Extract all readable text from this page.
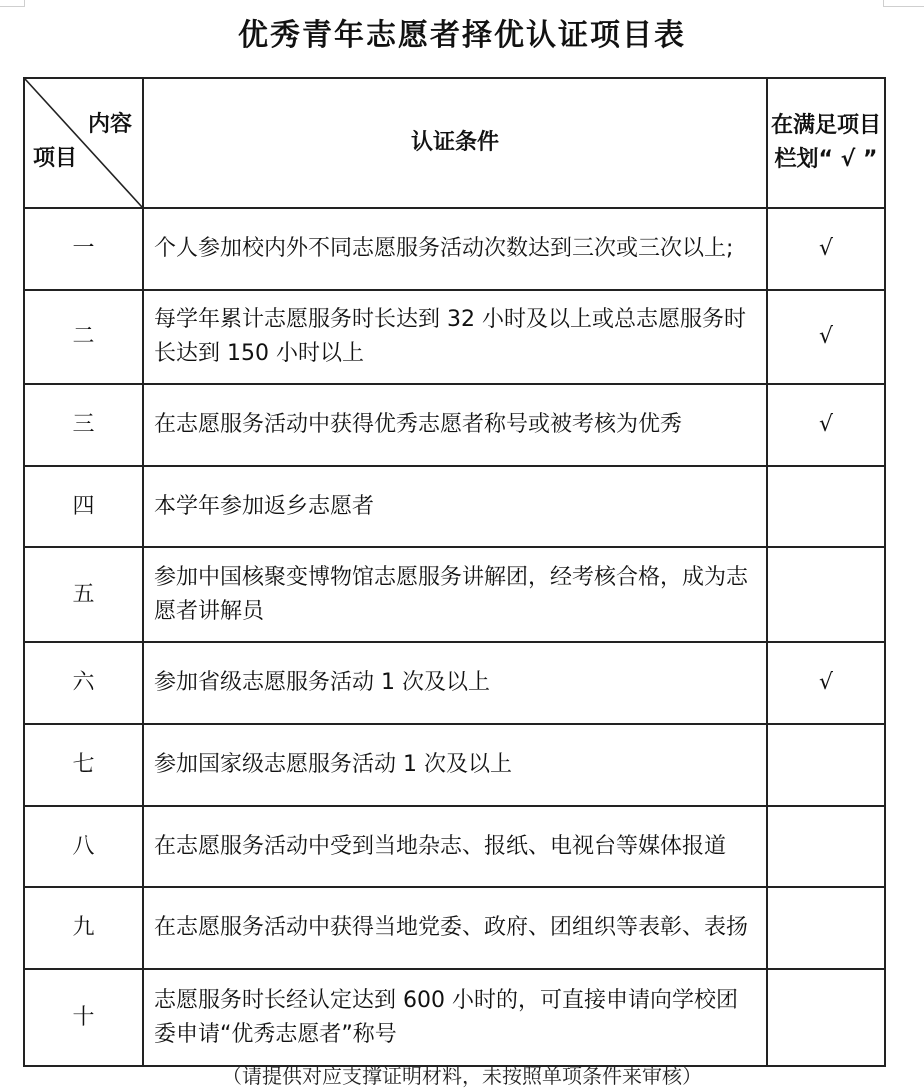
优秀青年志愿者择优认证项目表
内容
项目	认证条件	在满足项目栏划“ √ ”
一	个人参加校内外不同志愿服务活动次数达到三次或三次以上;	√
二	每学年累计志愿服务时长达到 32 小时及以上或总志愿服务时长达到 150 小时以上	√
三	在志愿服务活动中获得优秀志愿者称号或被考核为优秀	√
四	本学年参加返乡志愿者	
五	参加中国核聚变博物馆志愿服务讲解团，经考核合格，成为志愿者讲解员	
六	参加省级志愿服务活动 1 次及以上	√
七	参加国家级志愿服务活动 1 次及以上	
八	在志愿服务活动中受到当地杂志、报纸、电视台等媒体报道	
九	在志愿服务活动中获得当地党委、政府、团组织等表彰、表扬	
十	志愿服务时长经认定达到 600 小时的，可直接申请向学校团委申请“优秀志愿者”称号	
（请提供对应支撑证明材料，未按照单项条件来审核）
